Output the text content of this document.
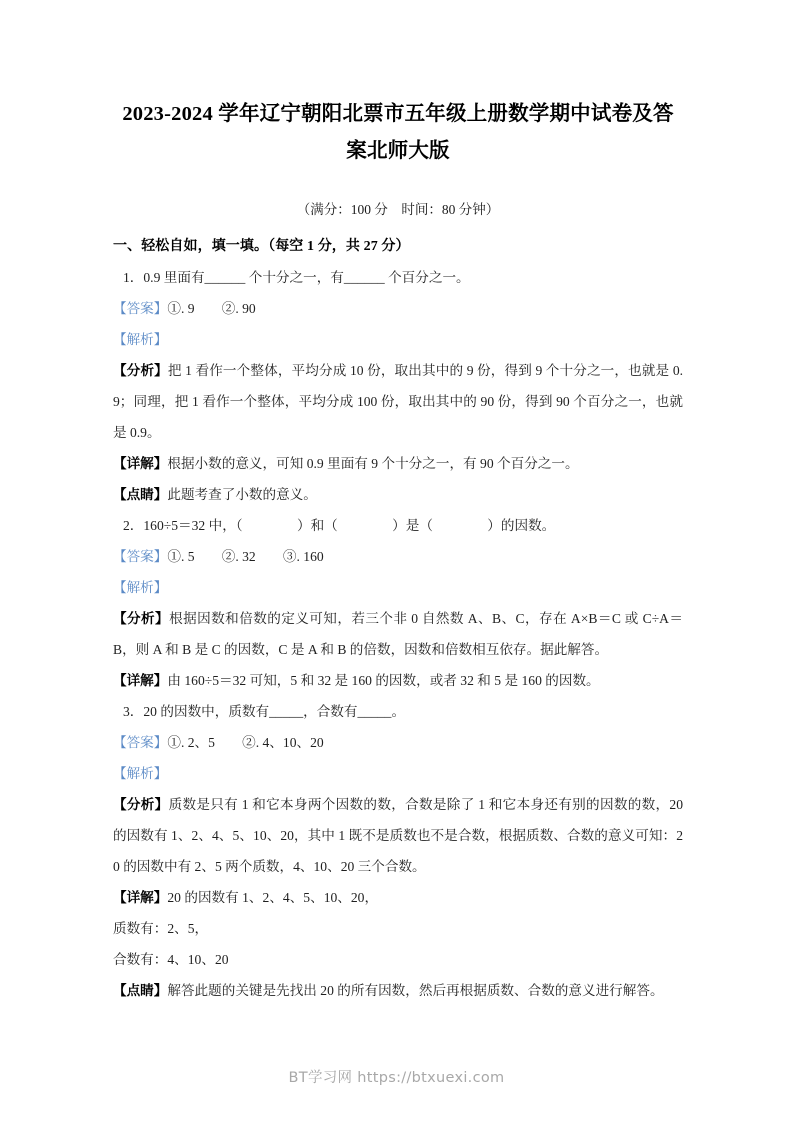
2023-2024 学年辽宁朝阳北票市五年级上册数学期中试卷及答案北师大版
（满分：100 分　时间：80 分钟）
一、轻松自如，填一填。（每空 1 分，共 27 分）
1．0.9 里面有______ 个十分之一，有______ 个百分之一。
【答案】①. 9　　②. 90
【解析】
【分析】把 1 看作一个整体，平均分成 10 份，取出其中的 9 份，得到 9 个十分之一，也就是 0.9；同理，把 1 看作一个整体，平均分成 100 份，取出其中的 90 份，得到 90 个百分之一，也就是 0.9。
【详解】根据小数的意义，可知 0.9 里面有 9 个十分之一，有 90 个百分之一。
【点睛】此题考查了小数的意义。
2．160÷5＝32 中，（　　　　）和（　　　　）是（　　　　）的因数。
【答案】①. 5　　②. 32　　③. 160
【解析】
【分析】根据因数和倍数的定义可知，若三个非 0 自然数 A、B、C，存在 A×B＝C 或 C÷A＝B，则 A 和 B 是 C 的因数，C 是 A 和 B 的倍数，因数和倍数相互依存。据此解答。
【详解】由 160÷5＝32 可知，5 和 32 是 160 的因数，或者 32 和 5 是 160 的因数。
3．20 的因数中，质数有_____，合数有_____。
【答案】①. 2、5　　②. 4、10、20
【解析】
【分析】质数是只有 1 和它本身两个因数的数，合数是除了 1 和它本身还有别的因数的数，20 的因数有 1、2、4、5、10、20，其中 1 既不是质数也不是合数，根据质数、合数的意义可知：20 的因数中有 2、5 两个质数，4、10、20 三个合数。
【详解】20 的因数有 1、2、4、5、10、20，
质数有：2、5，
合数有：4、10、20
【点睛】解答此题的关键是先找出 20 的所有因数，然后再根据质数、合数的意义进行解答。
BT学习网 https://btxuexi.com
